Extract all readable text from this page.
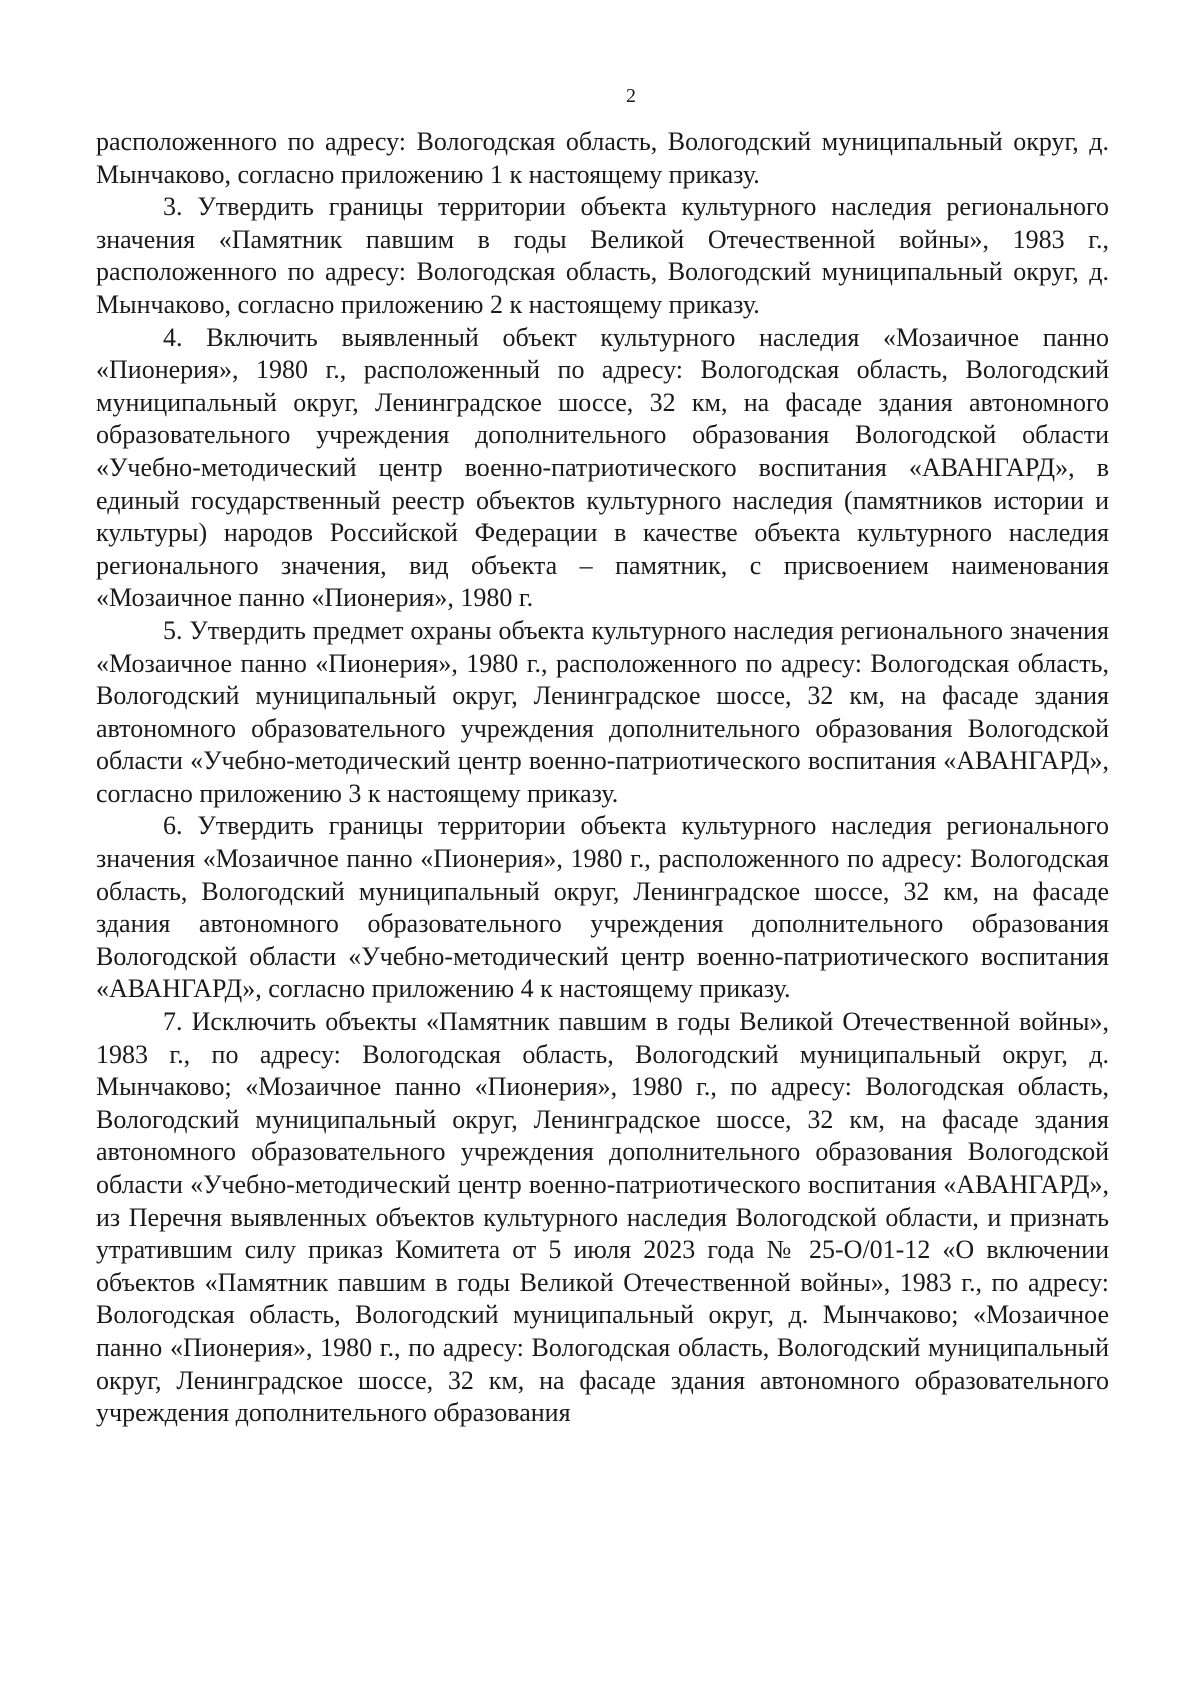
2

расположенного по адресу: Вологодская область, Вологодский муниципальный округ, д. Мынчаково, согласно приложению 1 к настоящему приказу.

3. Утвердить границы территории объекта культурного наследия регионального значения «Памятник павшим в годы Великой Отечественной войны», 1983 г., расположенного по адресу: Вологодская область, Вологодский муниципальный округ, д. Мынчаково, согласно приложению 2 к настоящему приказу.

4. Включить выявленный объект культурного наследия «Мозаичное панно «Пионерия», 1980 г., расположенный по адресу: Вологодская область, Вологодский муниципальный округ, Ленинградское шоссе, 32 км, на фасаде здания автономного образовательного учреждения дополнительного образования Вологодской области «Учебно-методический центр военно-патриотического воспитания «АВАНГАРД», в единый государственный реестр объектов культурного наследия (памятников истории и культуры) народов Российской Федерации в качестве объекта культурного наследия регионального значения, вид объекта – памятник, с присвоением наименования «Мозаичное панно «Пионерия», 1980 г.

5. Утвердить предмет охраны объекта культурного наследия регионального значения «Мозаичное панно «Пионерия», 1980 г., расположенного по адресу: Вологодская область, Вологодский муниципальный округ, Ленинградское шоссе, 32 км, на фасаде здания автономного образовательного учреждения дополнительного образования Вологодской области «Учебно-методический центр военно-патриотического воспитания «АВАНГАРД», согласно приложению 3 к настоящему приказу.

6. Утвердить границы территории объекта культурного наследия регионального значения «Мозаичное панно «Пионерия», 1980 г., расположенного по адресу: Вологодская область, Вологодский муниципальный округ, Ленинградское шоссе, 32 км, на фасаде здания автономного образовательного учреждения дополнительного образования Вологодской области «Учебно-методический центр военно-патриотического воспитания «АВАНГАРД», согласно приложению 4 к настоящему приказу.

7. Исключить объекты «Памятник павшим в годы Великой Отечественной войны», 1983 г., по адресу: Вологодская область, Вологодский муниципальный округ, д. Мынчаково; «Мозаичное панно «Пионерия», 1980 г., по адресу: Вологодская область, Вологодский муниципальный округ, Ленинградское шоссе, 32 км, на фасаде здания автономного образовательного учреждения дополнительного образования Вологодской области «Учебно-методический центр военно-патриотического воспитания «АВАНГАРД», из Перечня выявленных объектов культурного наследия Вологодской области, и признать утратившим силу приказ Комитета от 5 июля 2023 года № 25-О/01-12 «О включении объектов «Памятник павшим в годы Великой Отечественной войны», 1983 г., по адресу: Вологодская область, Вологодский муниципальный округ, д. Мынчаково; «Мозаичное панно «Пионерия», 1980 г., по адресу: Вологодская область, Вологодский муниципальный округ, Ленинградское шоссе, 32 км, на фасаде здания автономного образовательного учреждения дополнительного образования
